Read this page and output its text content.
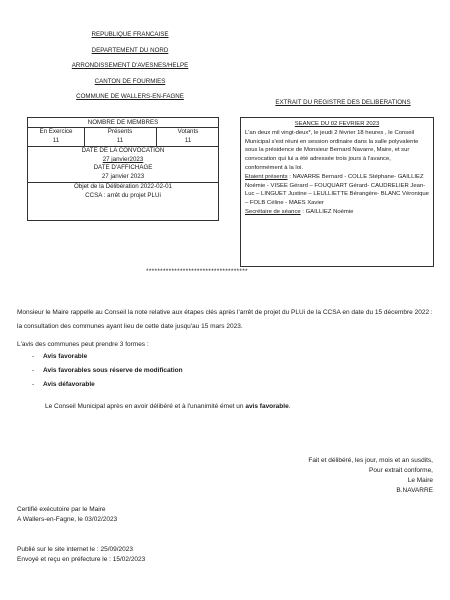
REPUBLIQUE FRANCAISE
DEPARTEMENT DU NORD
ARRONDISSEMENT D'AVESNES/HELPE
CANTON DE FOURMIES
COMMUNE DE WALLERS-EN-FAGNE
NOMBRE DE MEMBRES
En Exercice	Présents	Votants
11	11	11
DATE DE LA CONVOCATION
27 janvier2023
DATE D'AFFICHAGE
27 janvier 2023
Objet de la Délibération 2022-02-01
CCSA : arrêt du projet PLUi
EXTRAIT DU REGISTRE DES DELIBERATIONS
SEANCE DU 02 FEVRIER 2023
L'an deux mil vingt-deux*, le jeudi 2 février 18 heures , le Conseil Municipal s'est réuni en session ordinaire dans la salle polyvalente sous la présidence de Monsieur Bernard Navarre, Maire, et sur convocation qui lui a été adressée trois jours à l'avance, conformément à la loi.
Etaient présents : NAVARRE Bernard - COLLE Stéphane- GAILLIEZ Noémie - VISEE Gérard – FOUQUART Gérard- CAUDRELIER Jean-Luc – LINGUET Justine – LEULLIETTE Bérangère- BLANC Véronique – FOLB Céline - MAES Xavier
Secrétaire de séance : GAILLIEZ Noémie
************************************
Monsieur le Maire rappelle au Conseil la note relative aux étapes clés après l'arrêt de projet du PLUi de la CCSA en date du 15 décembre 2022 : la consultation des communes ayant lieu de cette date jusqu'au 15 mars 2023.
L'avis des communes peut prendre 3 formes :
- Avis favorable
- Avis favorables sous réserve de modification
- Avis défavorable
Le Conseil Municipal après en avoir délibéré et à l'unanimité émet un avis favorable.
Fait et délibéré, les jour, mois et an susdits,
Pour extrait conforme,
Le Maire
B.NAVARRE
Certifié exécutoire par le Maire
A Wallers-en-Fagne, le 03/02/2023
Publié sur le site internet le : 25/09/2023
Envoyé et reçu en préfecture le : 15/02/2023
